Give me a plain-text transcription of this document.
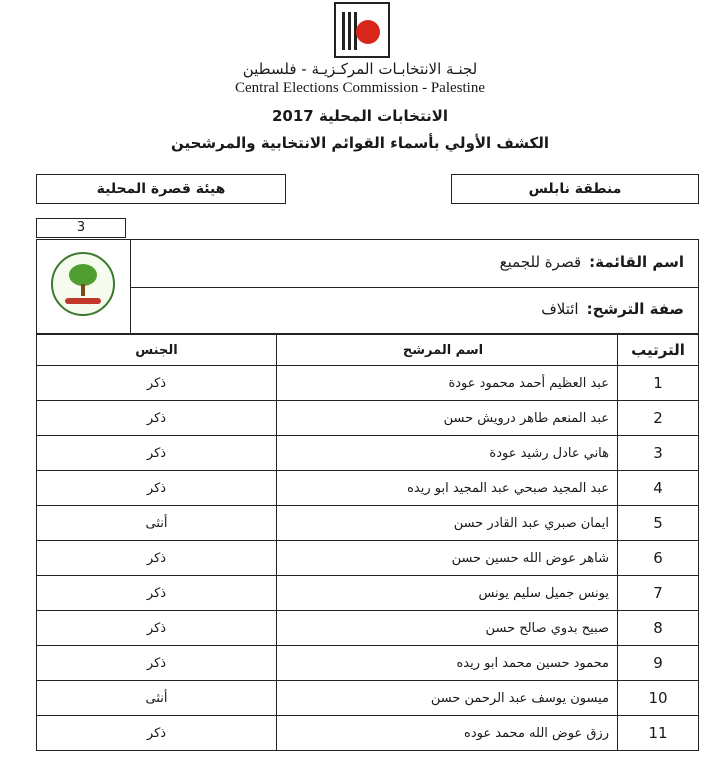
لجنـة الانتخابـات المركـزيـة - فلسطين
Central Elections Commission - Palestine
الانتخابات المحلية 2017
الكشف الأولي بأسماء القوائم الانتخابية والمرشحين
منطقة نابلس
هيئة قصرة المحلية
3
اسم القائمة:قصرة للجميع
صفة الترشح:ائتلاف
الترتيب	اسم المرشح	الجنس
1	عبد العظيم أحمد محمود عودة	ذكر
2	عبد المنعم طاهر درويش حسن	ذكر
3	هاني عادل رشيد عودة	ذكر
4	عبد المجيد صبحي عبد المجيد ابو ريده	ذكر
5	ايمان صبري عبد القادر حسن	أنثى
6	شاهر عوض الله حسين حسن	ذكر
7	يونس جميل سليم يونس	ذكر
8	صبيح بدوي صالح حسن	ذكر
9	محمود حسين محمد ابو ريده	ذكر
10	ميسون يوسف عبد الرحمن حسن	أنثى
11	رزق عوض الله محمد عوده	ذكر
